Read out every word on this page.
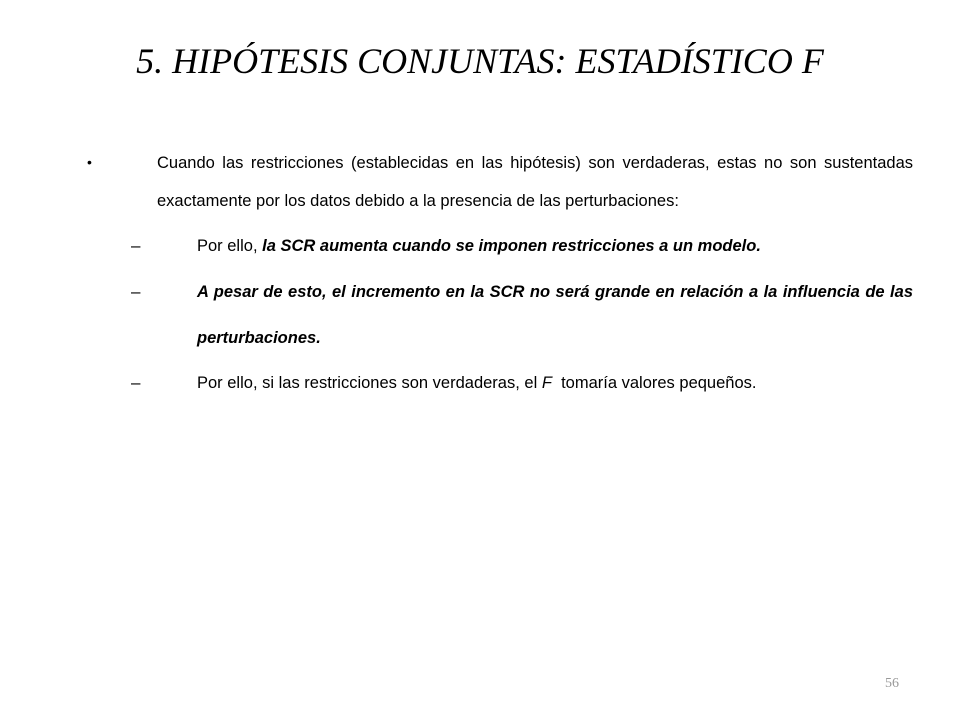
5. HIPÓTESIS CONJUNTAS: ESTADÍSTICO F
•	Cuando las restricciones (establecidas en las hipótesis) son verdaderas, estas no son sustentadas exactamente por los datos debido a la presencia de las perturbaciones:
–	Por ello, la SCR aumenta cuando se imponen restricciones a un modelo.
–	A pesar de esto, el incremento en la SCR no será grande en relación a la influencia de las perturbaciones.
–	Por ello, si las restricciones son verdaderas, el F  tomaría valores pequeños.
56
